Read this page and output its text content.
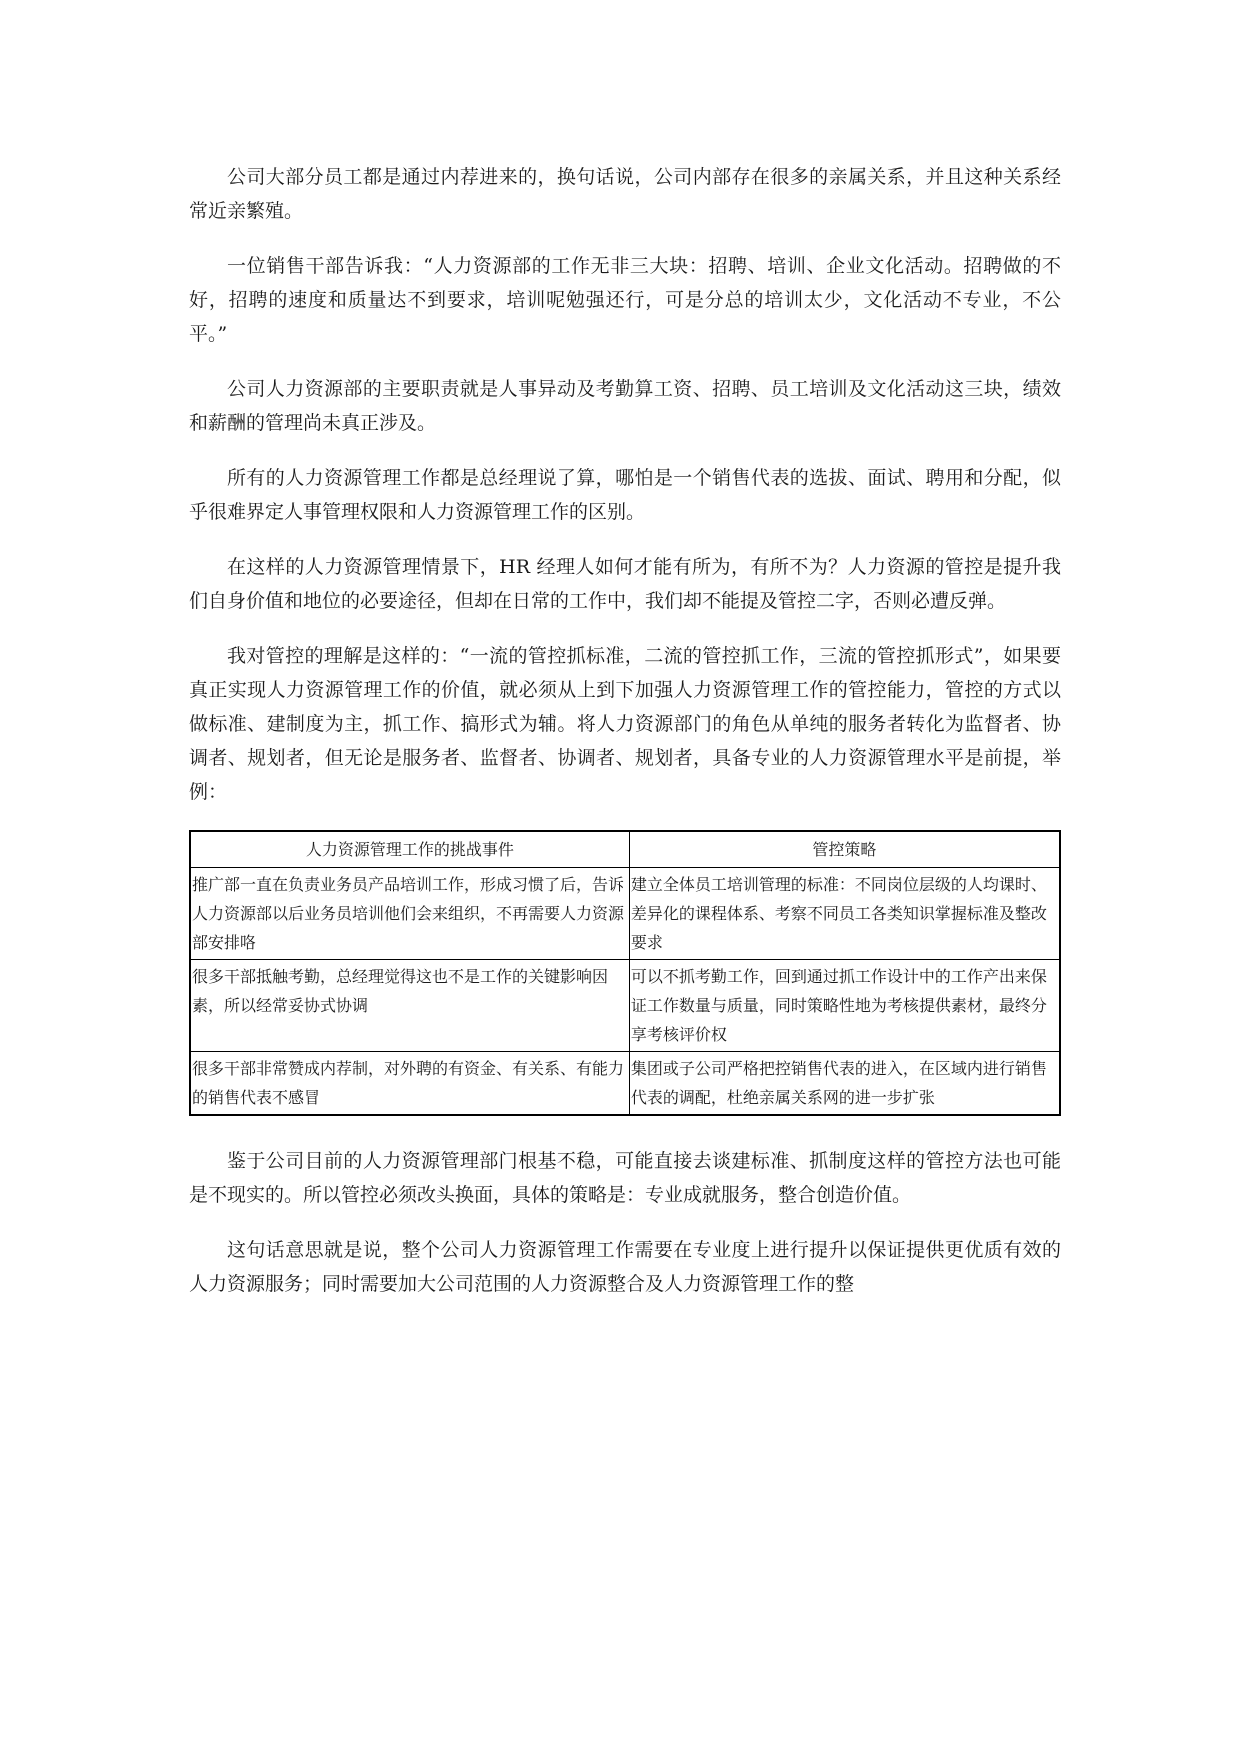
公司大部分员工都是通过内荐进来的，换句话说，公司内部存在很多的亲属关系，并且这种关系经常近亲繁殖。

一位销售干部告诉我：“人力资源部的工作无非三大块：招聘、培训、企业文化活动。招聘做的不好，招聘的速度和质量达不到要求，培训呢勉强还行，可是分总的培训太少，文化活动不专业，不公平。”

公司人力资源部的主要职责就是人事异动及考勤算工资、招聘、员工培训及文化活动这三块，绩效和薪酬的管理尚未真正涉及。

所有的人力资源管理工作都是总经理说了算，哪怕是一个销售代表的选拔、面试、聘用和分配，似乎很难界定人事管理权限和人力资源管理工作的区别。

在这样的人力资源管理情景下，HR 经理人如何才能有所为，有所不为？人力资源的管控是提升我们自身价值和地位的必要途径，但却在日常的工作中，我们却不能提及管控二字，否则必遭反弹。

我对管控的理解是这样的：“一流的管控抓标准，二流的管控抓工作，三流的管控抓形式”，如果要真正实现人力资源管理工作的价值，就必须从上到下加强人力资源管理工作的管控能力，管控的方式以做标准、建制度为主，抓工作、搞形式为辅。将人力资源部门的角色从单纯的服务者转化为监督者、协调者、规划者，但无论是服务者、监督者、协调者、规划者，具备专业的人力资源管理水平是前提，举例：

人力资源管理工作的挑战事件	管控策略
推广部一直在负责业务员产品培训工作，形成习惯了后，告诉人力资源部以后业务员培训他们会来组织，不再需要人力资源部安排咯	建立全体员工培训管理的标准：不同岗位层级的人均课时、差异化的课程体系、考察不同员工各类知识掌握标准及整改要求
很多干部抵触考勤，总经理觉得这也不是工作的关键影响因素，所以经常妥协式协调	可以不抓考勤工作，回到通过抓工作设计中的工作产出来保证工作数量与质量，同时策略性地为考核提供素材，最终分享考核评价权
很多干部非常赞成内荐制，对外聘的有资金、有关系、有能力的销售代表不感冒	集团或子公司严格把控销售代表的进入，在区域内进行销售代表的调配，杜绝亲属关系网的进一步扩张

鉴于公司目前的人力资源管理部门根基不稳，可能直接去谈建标准、抓制度这样的管控方法也可能是不现实的。所以管控必须改头换面，具体的策略是：专业成就服务，整合创造价值。

这句话意思就是说，整个公司人力资源管理工作需要在专业度上进行提升以保证提供更优质有效的人力资源服务；同时需要加大公司范围的人力资源整合及人力资源管理工作的整
